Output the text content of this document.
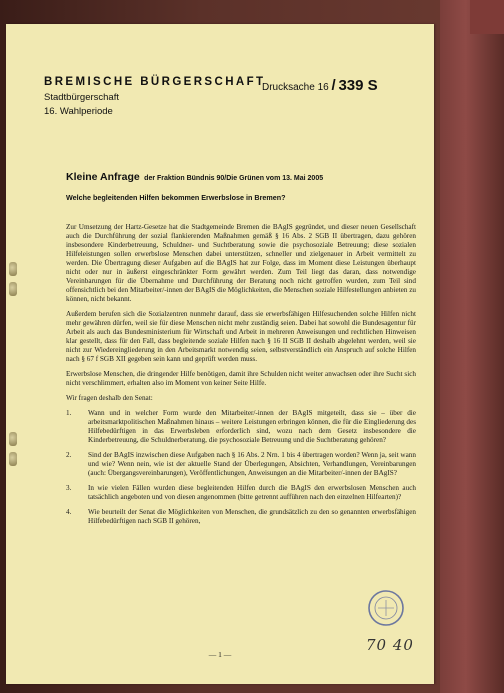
BREMISCHE BÜRGERSCHAFT
Stadtbürgerschaft
16. Wahlperiode
Drucksache 16 / 339 S
Kleine Anfrage der Fraktion Bündnis 90/Die Grünen vom 13. Mai 2005
Welche begleitenden Hilfen bekommen Erwerbslose in Bremen?

Zur Umsetzung der Hartz-Gesetze hat die Stadtgemeinde Bremen die BAgIS gegründet, und dieser neuen Gesellschaft auch die Durchführung der sozial flankierenden Maßnahmen gemäß § 16 Abs. 2 SGB II übertragen, dazu gehören insbesondere Kinderbetreuung, Schuldner- und Suchtberatung sowie die psychosoziale Betreuung; diese sozialen Hilfeleistungen sollen erwerbslose Menschen dabei unterstützen, schneller und zielgenauer in Arbeit vermittelt zu werden. Die Übertragung dieser Aufgaben auf die BAgIS hat zur Folge, dass im Moment diese Leistungen überhaupt nicht oder nur in äußerst eingeschränkter Form gewährt werden. Zum Teil liegt das daran, dass notwendige Vereinbarungen für die Übernahme und Durchführung der Beratung noch nicht getroffen wurden, zum Teil sind offensichtlich bei den Mitarbeiter/-innen der BAgIS die Möglichkeiten, die Menschen soziale Hilfestellungen anbieten zu können, nicht bekannt.

Außerdem berufen sich die Sozialzentren nunmehr darauf, dass sie erwerbsfähigen Hilfesuchenden solche Hilfen nicht mehr gewähren dürfen, weil sie für diese Menschen nicht mehr zuständig seien. Dabei hat sowohl die Bundesagentur für Arbeit als auch das Bundesministerium für Wirtschaft und Arbeit in mehreren Anweisungen und rechtlichen Hinweisen klar gestellt, dass für den Fall, dass begleitende soziale Hilfen nach § 16 II SGB II deshalb abgelehnt werden, weil sie nicht zur Wiedereingliederung in den Arbeitsmarkt notwendig seien, selbstverständlich ein Anspruch auf solche Hilfen nach § 67 f SGB XII gegeben sein kann und geprüft werden muss.

Erwerbslose Menschen, die dringender Hilfe benötigen, damit ihre Schulden nicht weiter anwachsen oder ihre Sucht sich nicht verschlimmert, erhalten also im Moment von keiner Seite Hilfe.

Wir fragen deshalb den Senat:

1.	Wann und in welcher Form wurde den Mitarbeiter/-innen der BAgIS mitgeteilt, dass sie – über die arbeitsmarktpolitischen Maßnahmen hinaus – weitere Leistungen erbringen können, die für die Eingliederung des Hilfebedürftigen in das Erwerbsleben erforderlich sind, wozu nach dem Gesetz insbesondere die Kinderbetreuung, die Schuldnerberatung, die psychosoziale Betreuung und die Suchtberatung gehören?
2.	Sind der BAgIS inzwischen diese Aufgaben nach § 16 Abs. 2 Nrn. 1 bis 4 übertragen worden? Wenn ja, seit wann und wie? Wenn nein, wie ist der aktuelle Stand der Überlegungen, Absichten, Verhandlungen, Vereinbarungen (auch: Übergangsvereinbarungen), Veröffentlichungen, Anweisungen an die Mitarbeiter/-innen der BAgIS?
3.	In wie vielen Fällen wurden diese begleitenden Hilfen durch die BAgIS den erwerbslosen Menschen auch tatsächlich angeboten und von diesen angenommen (bitte getrennt aufführen nach den einzelnen Hilfearten)?
4.	Wie beurteilt der Senat die Möglichkeiten von Menschen, die grundsätzlich zu den so genannten erwerbsfähigen Hilfebedürftigen nach SGB II gehören,
70 40
— 1 —
